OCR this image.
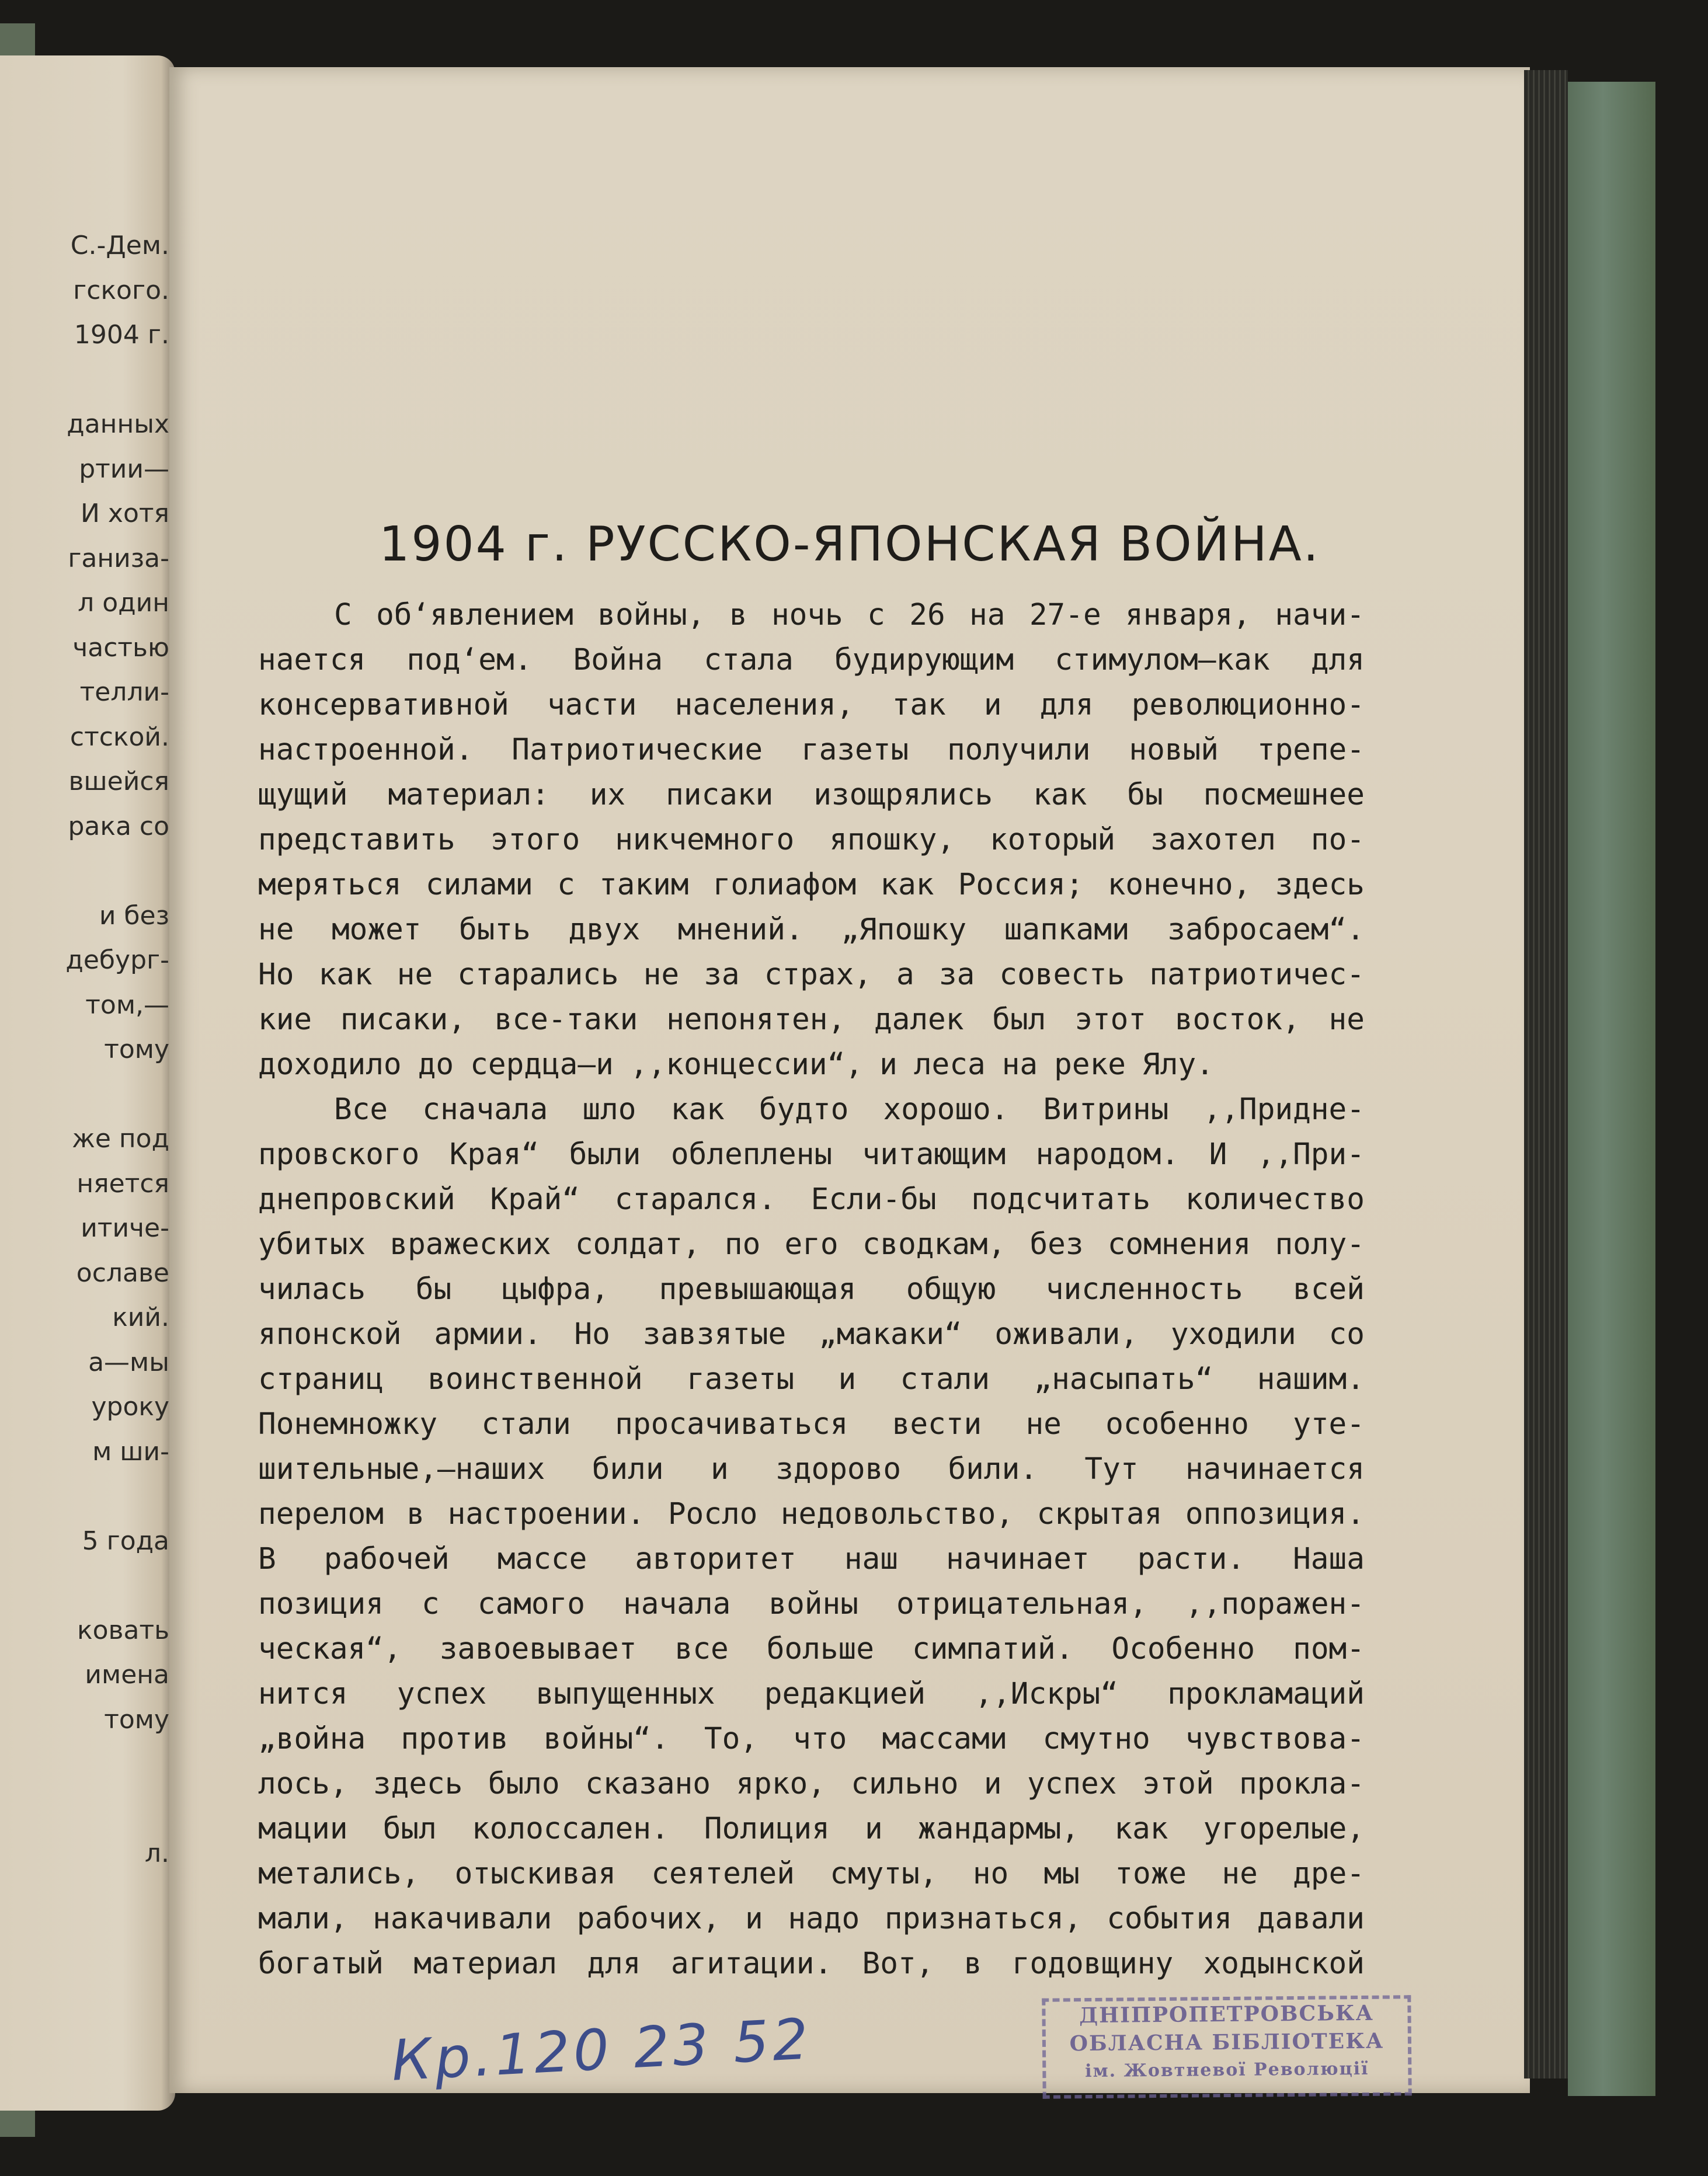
С.-Дем.
гского.
1904 г.
данных
ртии—
И хотя
ганиза-
л один
частью
телли-
стской.
вшейся
рака со
и без
дебург-
том,—
тому
же под
няется
итиче-
ославе
кий.
а—мы
уроку
м ши-
5 года
ковать
имена
тому
л.
1904 г. РУССКО-ЯПОНСКАЯ ВОЙНА.
С об‘явлением войны, в ночь с 26 на 27-е января, начи-
нается под‘ем. Война стала будирующим стимулом—как для
консервативной части населения, так и для революционно-
настроенной. Патриотические газеты получили новый трепе-
щущий материал: их писаки изощрялись как бы посмешнее
представить этого никчемного япошку, который захотел по-
меряться силами с таким голиафом как Россия; конечно, здесь
не может быть двух мнений. „Япошку шапками забросаем“.
Но как не старались не за страх, а за совесть патриотичес-
кие писаки, все-таки непонятен, далек был этот восток, не
доходило до сердца—и ,,концессии“, и леса на реке Ялу.
Все сначала шло как будто хорошо. Витрины ,,Придне-
провского Края“ были облеплены читающим народом. И ,,При-
днепровский Край“ старался. Если-бы подсчитать количество
убитых вражеских солдат, по его сводкам, без сомнения полу-
чилась бы цыфра, превышающая общую численность всей
японской армии. Но завзятые „макаки“ оживали, уходили со
страниц воинственной газеты и стали „насыпать“ нашим.
Понемножку стали просачиваться вести не особенно уте-
шительные,—наших били и здорово били. Тут начинается
перелом в настроении. Росло недовольство, скрытая оппозиция.
В рабочей массе авторитет наш начинает расти. Наша
позиция с самого начала войны отрицательная, ,,поражен-
ческая“, завоевывает все больше симпатий. Особенно пом-
нится успех выпущенных редакцией ,,Искры“ прокламаций
„война против войны“. То, что массами смутно чувствова-
лось, здесь было сказано ярко, сильно и успех этой прокла-
мации был колоссален. Полиция и жандармы, как угорелые,
метались, отыскивая сеятелей смуты, но мы тоже не дре-
мали, накачивали рабочих, и надо признаться, события давали
богатый материал для агитации. Вот, в годовщину ходынской
Кр.120 23 52	ДНІПРОПЕТРОВСЬКА
ОБЛАСНА БІБЛІОТЕКА
ім. Жовтневої Революції
